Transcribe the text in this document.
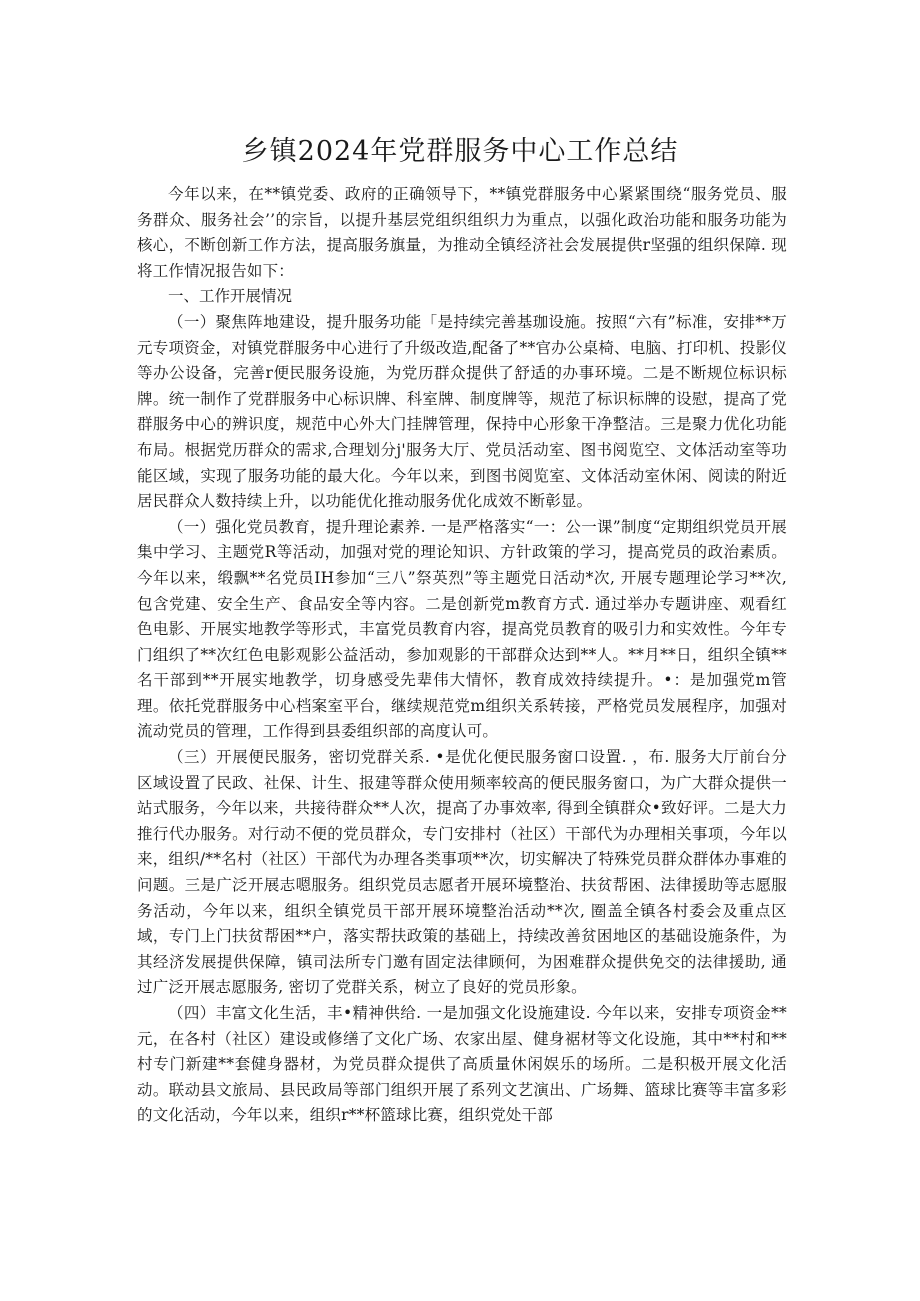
乡镇2024年党群服务中心工作总结

今年以来，在**镇党委、政府的正确领导下，**镇党群服务中心紧紧围绕“服务党员、服务群众、服务社会’’的宗旨，以提升基层党组织组织力为重点，以强化政治功能和服务功能为核心，不断创新工作方法，提高服务旗量，为推动全镇经济社会发展提供r坚强的组织保障. 现将工作情况报告如下：

一、工作开展情况

（一）聚焦阵地建设，提升服务功能「是持续完善基珈设施。按照“六有”标准，安排**万元专项资金，对镇党群服务中心进行了升级改造,配备了**官办公桌椅、电脑、打印机、投影仪等办公设备，完善r便民服务设施，为党历群众提供了舒适的办事环境。二是不断规位标识标牌。统一制作了党群服务中心标识牌、科室牌、制度牌等，规范了标识标牌的设慰，提高了党群服务中心的辨识度，规范中心外大门挂牌管理，保持中心形象干净整洁。三是聚力优化功能布局。根据党历群众的需求,合理划分j'服务大厅、党员活动室、图书阅览空、文体活动室等功能区域，实现了服务功能的最大化。今年以来，到图书阅览室、文体活动室休闲、阅读的附近居民群众人数持续上升，以功能优化推动服务优化成效不断彰显。

（一）强化党员教育，提升理论素养. 一是严格落实“一：公一课”制度“定期组织党员开展集中学习、主题党R等活动，加强对党的理论知识、方针政策的学习，提高党员的政治素质。今年以来，缎飘**名党员IH参加“三八”祭英烈”等主题党日活动*次, 开展专题理论学习**次, 包含党建、安全生产、食品安全等内容。二是创新党m教育方式. 通过举办专题讲座、观看红色电影、开展实地教学等形式，丰富党员教育内容，提高党员教育的吸引力和实效性。今年专门组织了**次红色电影观影公益活动，参加观影的干部群众达到**人。**月**日，组织全镇**名干部到**开展实地教学，切身感受先辈伟大情怀，教育成效持续提升。•：是加强党m管理。依托党群服务中心档案室平台，继续规范党m组织关系转接，严格党员发展程序，加强对流动党员的管理，工作得到县委组织部的高度认可。

（三）开展便民服务，密切党群关系. •是优化便民服务窗口设置. ，布. 服务大厅前台分区域设置了民政、社保、计生、报建等群众使用频率较高的便民服务窗口，为广大群众提供一站式服务，今年以来，共接待群众**人次，提高了办事效率, 得到全镇群众•致好评。二是大力推行代办服务。对行动不便的党员群众，专门安排村（社区）干部代为办理相关事项，今年以来，组织/**名村（社区）干部代为办理各类事项**次，切实解决了特殊党员群众群体办事难的问题。三是广泛开展志嗯服务。组织党员志愿者开展环境整治、扶贫帮困、法律援助等志愿服务活动，今年以来，组织全镇党员干部开展环境整治活动**次, 圈盖全镇各村委会及重点区域，专门上门扶贫帮困**户，落实帮扶政策的基础上，持续改善贫困地区的基础设施条件，为其经济发展提供保障，镇司法所专门邀有固定法律顾何，为困难群众提供免交的法律援助, 通过广泛开展志愿服务, 密切了党群关系，树立了良好的党员形象。

（四）丰富文化生活，丰•精神供给. 一是加强文化设施建设. 今年以来，安排专项资金**元，在各村（社区）建设或修缮了文化广场、农家出屋、健身裾材等文化设施，其中**村和**村专门新建**套健身器材，为党员群众提供了高质量休闲娱乐的场所。二是积极开展文化活动。联动县文旅局、县民政局等部门组织开展了系列文艺演出、广场舞、篮球比赛等丰富多彩的文化活动，今年以来，组织r**杯篮球比赛，组织党处干部
